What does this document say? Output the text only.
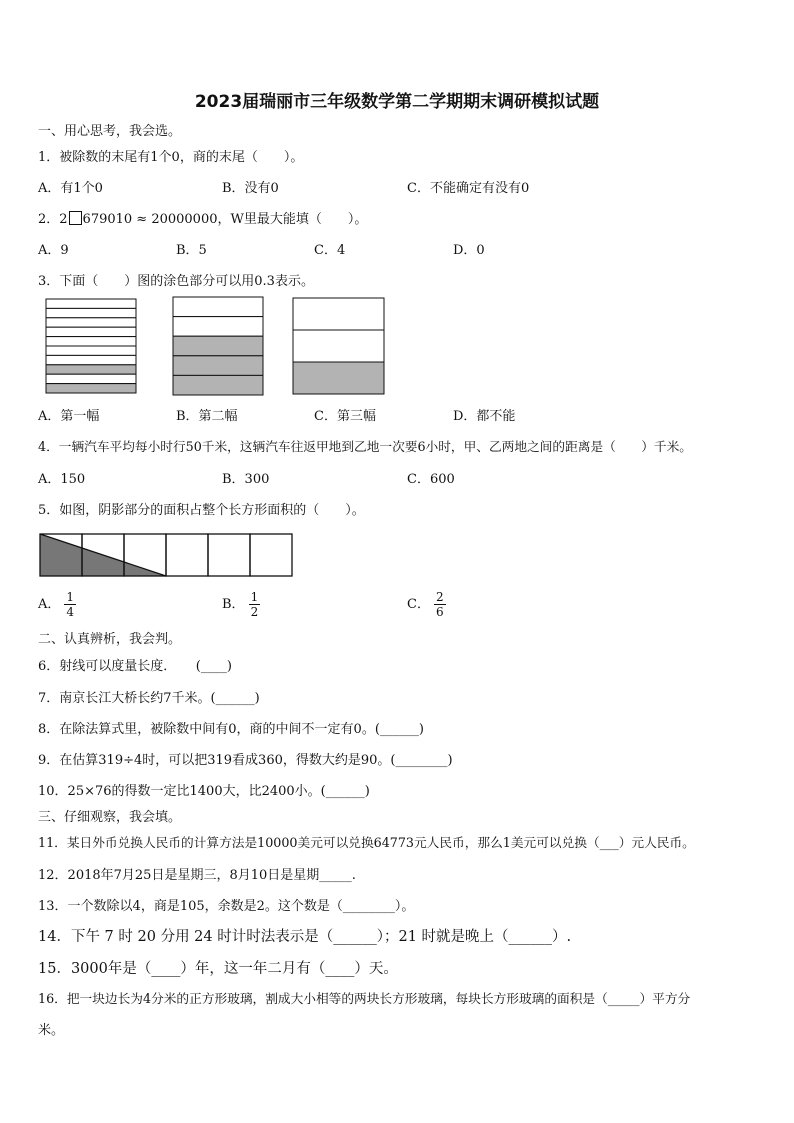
2023届瑞丽市三年级数学第二学期期末调研模拟试题
一、用心思考，我会选。
1．被除数的末尾有1个0，商的末尾（　　）。
A．有1个0	B．没有0	C．不能确定有没有0
2．2 679010 ≈ 20000000，W里最大能填（　　）。
A．9	B．5	C．4	D．0
3．下面（　　）图的涂色部分可以用0.3表示。
A．第一幅	B．第二幅	C．第三幅	D．都不能
4．一辆汽车平均每小时行50千米，这辆汽车往返甲地到乙地一次要6小时，甲、乙两地之间的距离是（　　）千米。
A．150	B．300	C．600
5．如图，阴影部分的面积占整个长方形面积的（　　）。
A． $\frac{1}{4}$	B． $\frac{1}{2}$	C． $\frac{2}{6}$
二、认真辨析，我会判。
6．射线可以度量长度．　　(____)
7．南京长江大桥长约7千米。(______)
8．在除法算式里，被除数中间有0，商的中间不一定有0。(______)
9．在估算319÷4时，可以把319看成360，得数大约是90。(________)
10．25×76的得数一定比1400大，比2400小。(______)
三、仔细观察，我会填。
11．某日外币兑换人民币的计算方法是10000美元可以兑换64773元人民币，那么1美元可以兑换（___）元人民币。
12．2018年7月25日是星期三，8月10日是星期_____.
13．一个数除以4，商是105，余数是2。这个数是（________）。
14．下午 7 时 20 分用 24 时计时法表示是（______）；21 时就是晚上（______）.
15．3000年是（____）年，这一年二月有（____）天。
16．把一块边长为4分米的正方形玻璃，割成大小相等的两块长方形玻璃，每块长方形玻璃的面积是（_____）平方分
米。
